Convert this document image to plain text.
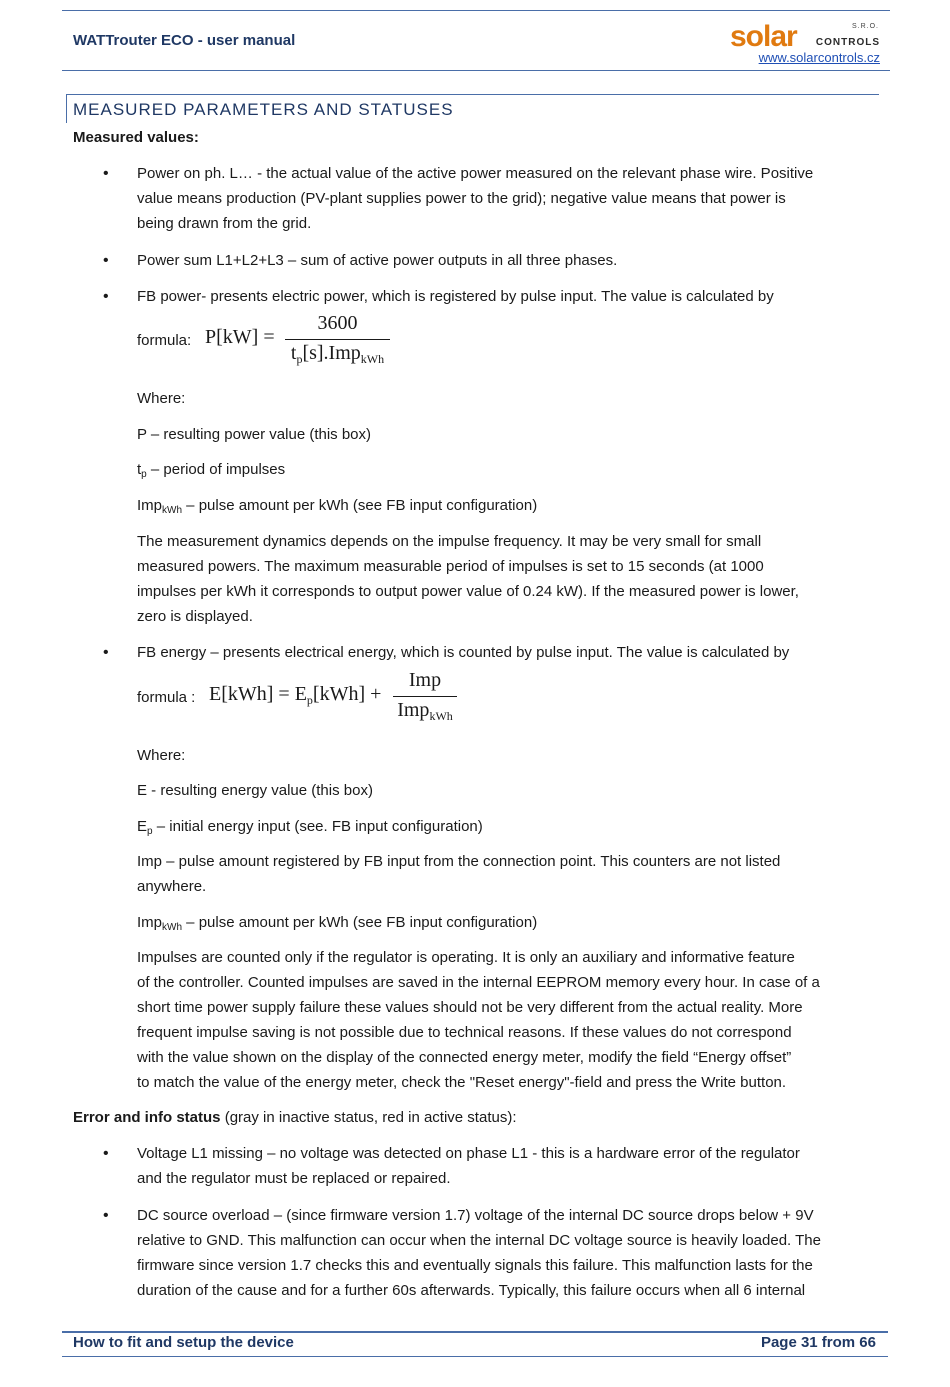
WATTrouter ECO - user manual	solar	S.R.O.
CONTROLS
www.solarcontrols.cz
MEASURED PARAMETERS AND STATUSES
Measured values:
• Power on ph. L… - the actual value of the active power measured on the relevant phase wire. Positive
value means production (PV-plant supplies power to the grid); negative value means that power is
being drawn from the grid.
• Power sum L1+L2+L3 – sum of active power outputs in all three phases.
• FB power- presents electric power, which is registered by pulse input. The value is calculated by
formula: P[kW] =
3600
$t_p[s].Imp_{kWh}$
Where:
P – resulting power value (this box)
$t_p$ – period of impulses
Imp$_{kWh}$ – pulse amount per kWh (see FB input configuration)
The measurement dynamics depends on the impulse frequency. It may be very small for small
measured powers. The maximum measurable period of impulses is set to 15 seconds (at 1000
impulses per kWh it corresponds to output power value of 0.24 kW). If the measured power is lower,
zero is displayed.
• FB energy – presents electrical energy, which is counted by pulse input. The value is calculated by
formula : $E[kWh] = E_p[kWh]$ +
Imp
Imp$_{kWh}$
Where:
E - resulting energy value (this box)
$E_p$ – initial energy input (see. FB input configuration)
Imp – pulse amount registered by FB input from the connection point. This counters are not listed
anywhere.
Imp$_{kWh}$ – pulse amount per kWh (see FB input configuration)
Impulses are counted only if the regulator is operating. It is only an auxiliary and informative feature
of the controller. Counted impulses are saved in the internal EEPROM memory every hour. In case of a
short time power supply failure these values should not be very different from the actual reality. More
frequent impulse saving is not possible due to technical reasons. If these values do not correspond
with the value shown on the display of the connected energy meter, modify the field “Energy offset”
to match the value of the energy meter, check the "Reset energy"-field and press the Write button.
Error and info status (gray in inactive status, red in active status):
• Voltage L1 missing – no voltage was detected on phase L1 - this is a hardware error of the regulator
and the regulator must be replaced or repaired.
• DC source overload – (since firmware version 1.7) voltage of the internal DC source drops below + 9V
relative to GND. This malfunction can occur when the internal DC voltage source is heavily loaded. The
firmware since version 1.7 checks this and eventually signals this failure. This malfunction lasts for the
duration of the cause and for a further 60s afterwards. Typically, this failure occurs when all 6 internal
How to fit and setup the device	Page 31 from 66
